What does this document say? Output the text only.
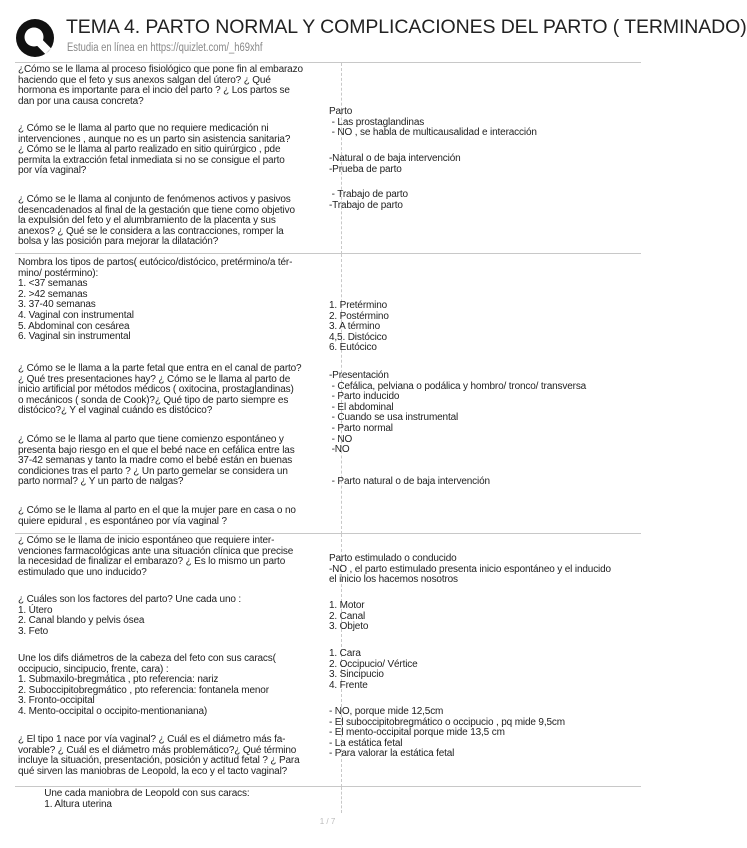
TEMA 4. PARTO NORMAL Y COMPLICACIONES DEL PARTO ( TERMINADO)
Estudia en línea en https://quizlet.com/_h69xhf
¿Cómo se le llama al proceso fisiológico que pone fin al embarazo
haciendo que el feto y sus anexos salgan del útero? ¿ Qué
hormona es importante para el incio del parto ? ¿ Los partos se
dan por una causa concreta?
¿ Cómo se le llama al parto que no requiere medicación ni
intervenciones , aunque no es un parto sin asistencia sanitaria?
¿ Cómo se le llama al parto realizado en sitio quirúrgico , pde
permita la extracción fetal inmediata si no se consigue el parto
por vía vaginal?
¿ Cómo se le llama al conjunto de fenómenos activos y pasivos
desencadenados al final de la gestación que tiene como objetivo
la expulsión del feto y el alumbramiento de la placenta y sus
anexos? ¿ Qué se le considera a las contracciones, romper la
bolsa y las posición para mejorar la dilatación?
Parto
- Las prostaglandinas
- NO , se habla de multicausalidad e interacción
-Natural o de baja intervención
-Prueba de parto
- Trabajo de parto
-Trabajo de parto
Nombra los tipos de partos( eutócico/distócico, pretérmino/a tér-
mino/ postérmino):
1. <37 semanas
2. >42 semanas
3. 37-40 semanas
4. Vaginal con instrumental
5. Abdominal con cesárea
6. Vaginal sin instrumental
¿ Cómo se le llama a la parte fetal que entra en el canal de parto?
¿ Qué tres presentaciones hay? ¿ Cómo se le llama al parto de
inicio artificial por métodos médicos ( oxitocina, prostaglandinas)
o mecánicos ( sonda de Cook)?¿ Qué tipo de parto siempre es
distócico?¿ Y el vaginal cuándo es distócico?
¿ Cómo se le llama al parto que tiene comienzo espontáneo y
presenta bajo riesgo en el que el bebé nace en cefálica entre las
37-42 semanas y tanto la madre como el bebé están en buenas
condiciones tras el parto ? ¿ Un parto gemelar se considera un
parto normal? ¿ Y un parto de nalgas?
¿ Cómo se le llama al parto en el que la mujer pare en casa o no
quiere epidural , es espontáneo por vía vaginal ?
1. Pretérmino
2. Postérmino
3. A término
4,5. Distócico
6. Eutócico
-Presentación
- Cefálica, pelviana o podálica y hombro/ tronco/ transversa
- Parto inducido
- El abdominal
- Cuando se usa instrumental
- Parto normal
- NO
-NO
- Parto natural o de baja intervención
¿ Cómo se le llama de inicio espontáneo que requiere inter-
venciones farmacológicas ante una situación clínica que precise
la necesidad de finalizar el embarazo? ¿ Es lo mismo un parto
estimulado que uno inducido?
¿ Cuáles son los factores del parto? Une cada uno :
1. Útero
2. Canal blando y pelvis ósea
3. Feto
Une los difs diámetros de la cabeza del feto con sus caracs(
occipucio, sincipucio, frente, cara) :
1. Submaxilo-bregmática , pto referencia: nariz
2. Suboccipitobregmático , pto referencia: fontanela menor
3. Fronto-occipital
4. Mento-occipital o occipito-mentionaniana)
¿ El tipo 1 nace por vía vaginal? ¿ Cuál es el diámetro más fa-
vorable? ¿ Cuál es el diámetro más problemático?¿ Qué término
incluye la situación, presentación, posición y actitud fetal ? ¿ Para
qué sirven las maniobras de Leopold, la eco y el tacto vaginal?
Parto estimulado o conducido
-NO , el parto estimulado presenta inicio espontáneo y el inducido
el inicio los hacemos nosotros
1. Motor
2. Canal
3. Objeto
1. Cara
2. Occipucio/ Vértice
3. Sincipucio
4. Frente
- NO, porque mide 12,5cm
- El suboccipitobregmático o occipucio , pq mide 9,5cm
- El mento-occipital porque mide 13,5 cm
- La estática fetal
- Para valorar la estática fetal
Une cada maniobra de Leopold con sus caracs:
1. Altura uterina
1 / 7
